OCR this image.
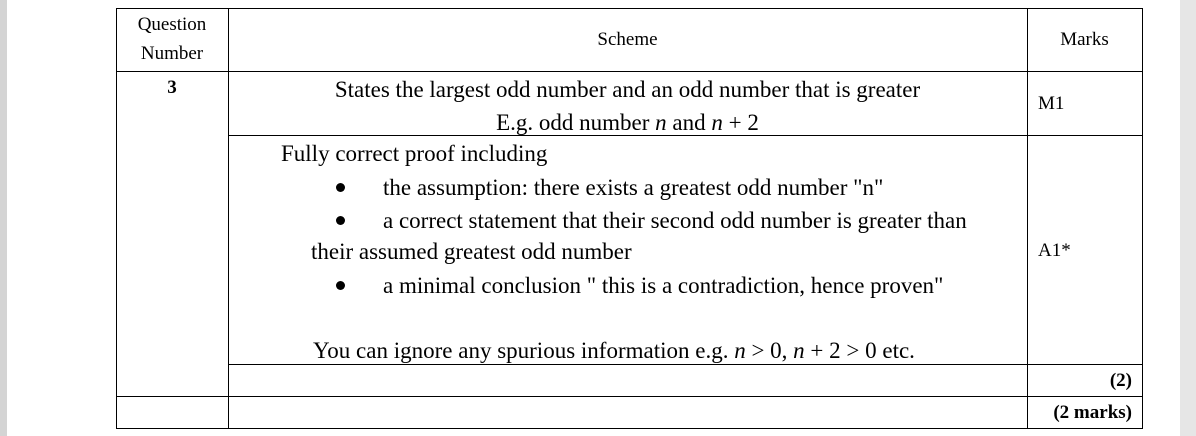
Question
Number
Scheme	Marks
3	States the largest odd number and an odd number that is greater
E.g. odd number n and n + 2
M1
Fully correct proof including
the assumption: there exists a greatest odd number "n"
a correct statement that their second odd number is greater than
their assumed greatest odd number
a minimal conclusion " this is a contradiction, hence proven"
You can ignore any spurious information e.g. n > 0, n + 2 > 0 etc.
A1*
(2)
(2 marks)
